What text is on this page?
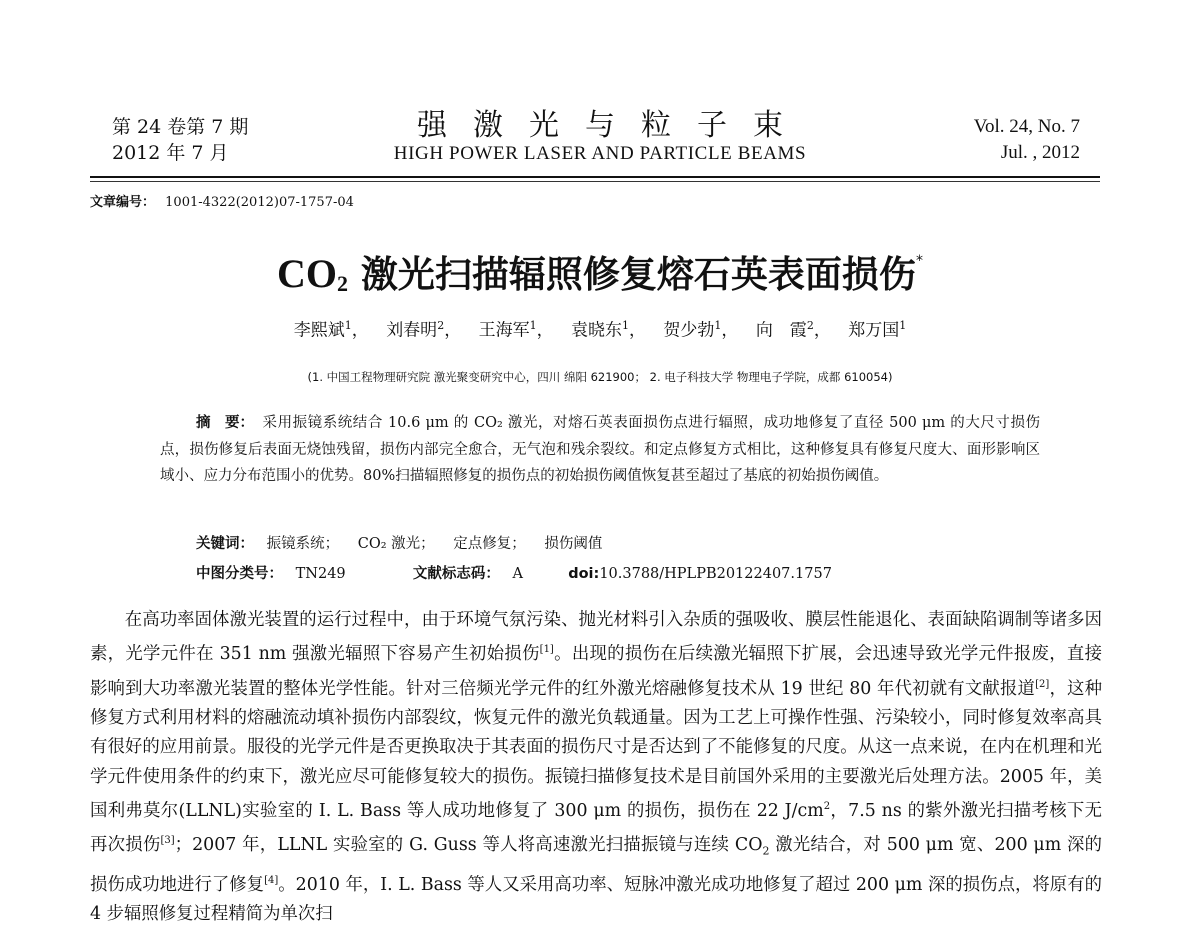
第 24 卷第 7 期
2012 年 7 月
强激光与粒子束
HIGH POWER LASER AND PARTICLE BEAMS
Vol. 24, No. 7
Jul. , 2012
文章编号： 1001-4322(2012)07-1757-04
$CO_2$ 激光扫描辐照修复熔石英表面损伤*
李熙斌$^1$， 刘春明$^2$， 王海军$^1$， 袁晓东$^1$， 贺少勃$^1$， 向　霞$^2$， 郑万国$^1$
(1. 中国工程物理研究院 激光聚变研究中心，四川 绵阳 621900； 2. 电子科技大学 物理电子学院，成都 610054)
摘　要： 采用振镜系统结合 10.6 μm 的 CO₂ 激光，对熔石英表面损伤点进行辐照，成功地修复了直径 500 μm 的大尺寸损伤点，损伤修复后表面无烧蚀残留，损伤内部完全愈合，无气泡和残余裂纹。和定点修复方式相比，这种修复具有修复尺度大、面形影响区域小、应力分布范围小的优势。80%扫描辐照修复的损伤点的初始损伤阈值恢复甚至超过了基底的初始损伤阈值。
关键词： 振镜系统； CO₂ 激光； 定点修复； 损伤阈值
中图分类号： TN249	文献标志码： A	doi:10.3788/HPLPB20122407.1757

在高功率固体激光装置的运行过程中，由于环境气氛污染、抛光材料引入杂质的强吸收、膜层性能退化、表面缺陷调制等诸多因素，光学元件在 351 nm 强激光辐照下容易产生初始损伤[1]。出现的损伤在后续激光辐照下扩展，会迅速导致光学元件报废，直接影响到大功率激光装置的整体光学性能。针对三倍频光学元件的红外激光熔融修复技术从 19 世纪 80 年代初就有文献报道[2]，这种修复方式利用材料的熔融流动填补损伤内部裂纹，恢复元件的激光负载通量。因为工艺上可操作性强、污染较小，同时修复效率高具有很好的应用前景。服役的光学元件是否更换取决于其表面的损伤尺寸是否达到了不能修复的尺度。从这一点来说，在内在机理和光学元件使用条件的约束下，激光应尽可能修复较大的损伤。振镜扫描修复技术是目前国外采用的主要激光后处理方法。2005 年，美国利弗莫尔(LLNL)实验室的 I. L. Bass 等人成功地修复了 300 μm 的损伤，损伤在 22 $J/cm^2$，7.5 ns 的紫外激光扫描考核下无再次损伤[3]；2007 年，LLNL 实验室的 G. Guss 等人将高速激光扫描振镜与连续 $CO_2$ 激光结合，对 500 μm 宽、200 μm 深的损伤成功地进行了修复[4]。2010 年，I. L. Bass 等人又采用高功率、短脉冲激光成功地修复了超过 200 μm 深的损伤点，将原有的 4 步辐照修复过程精简为单次扫
